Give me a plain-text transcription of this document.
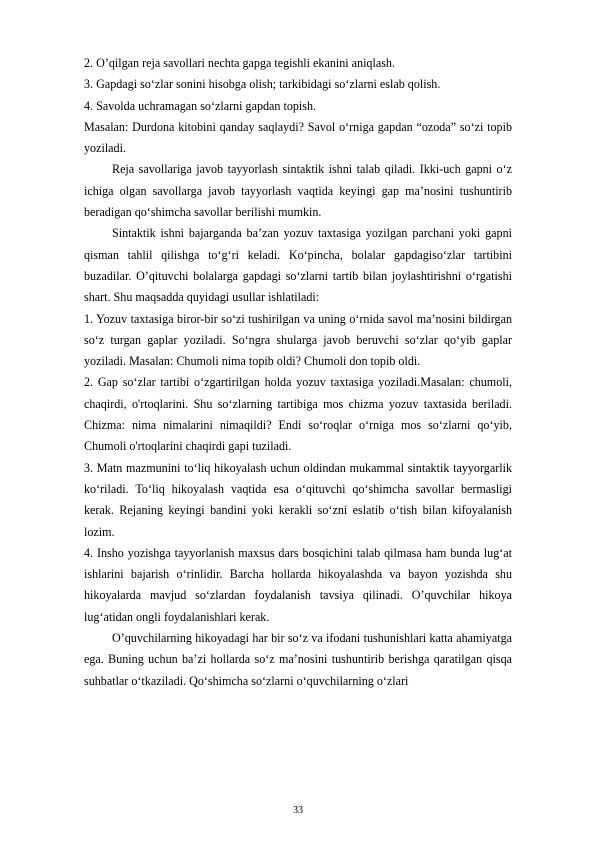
2. O’qilgan reja savollari nechta gapga tegishli ekanini aniqlash.

3. Gapdagi so‘zlar sonini hisobga olish; tarkibidagi so‘zlarni eslab qolish.

4. Savolda uchramagan so‘zlarni gapdan topish.

Masalan: Durdona kitobini qanday saqlaydi? Savol o‘rniga gapdan “ozoda” so‘zi topib yoziladi.

Reja savollariga javob tayyorlash sintaktik ishni talab qiladi. Ikki-uch gapni o‘z ichiga olgan savollarga javob tayyorlash vaqtida keyingi gap ma’nosini tushuntirib beradigan qo‘shimcha savollar berilishi mumkin.

Sintaktik ishni bajarganda ba’zan yozuv taxtasiga yozilgan parchani yoki gapni qisman tahlil qilishga to‘g‘ri keladi. Ko‘pincha, bolalar gapdagiso‘zlar tartibini buzadilar. O’qituvchi bolalarga gapdagi so‘zlarni tartib bilan joylashtirishni o‘rgatishi shart. Shu maqsadda quyidagi usullar ishlatiladi:

1. Yozuv taxtasiga biror-bir so‘zi tushirilgan va uning o‘rnida savol ma’nosini bildirgan so‘z turgan gaplar yoziladi. So‘ngra shularga javob beruvchi so‘zlar qo‘yib gaplar yoziladi. Masalan: Chumoli nima topib oldi? Chumoli don topib oldi.

2. Gap so‘zlar tartibi o‘zgartirilgan holda yozuv taxtasiga yoziladi.Masalan: chumoli, chaqirdi, o'rtoqlarini. Shu so‘zlarning tartibiga mos chizma yozuv taxtasida beriladi. Chizma: nima nimalarini nimaqildi? Endi so‘roqlar o‘rniga mos so‘zlarni qo‘yib, Chumoli o'rtoqlarini chaqirdi gapi tuziladi.

3. Matn mazmunini to‘liq hikoyalash uchun oldindan mukammal sintaktik tayyorgarlik ko‘riladi. To‘liq hikoyalash vaqtida esa o‘qituvchi qo‘shimcha savollar bermasligi kerak. Rejaning keyingi bandini yoki kerakli so‘zni eslatib o‘tish bilan kifoyalanish lozim.

4. Insho yozishga tayyorlanish maxsus dars bosqichini talab qilmasa ham bunda lug‘at ishlarini bajarish o‘rinlidir. Barcha hollarda hikoyalashda va bayon yozishda shu hikoyalarda mavjud so‘zlardan foydalanish tavsiya qilinadi. O’quvchilar hikoya lug‘atidan ongli foydalanishlari kerak.

O’quvchilarning hikoyadagi har bir so‘z va ifodani tushunishlari katta ahamiyatga ega. Buning uchun ba’zi hollarda so‘z ma’nosini tushuntirib berishga qaratilgan qisqa suhbatlar o‘tkaziladi. Qo‘shimcha so‘zlarni o‘quvchilarning o‘zlari

33
